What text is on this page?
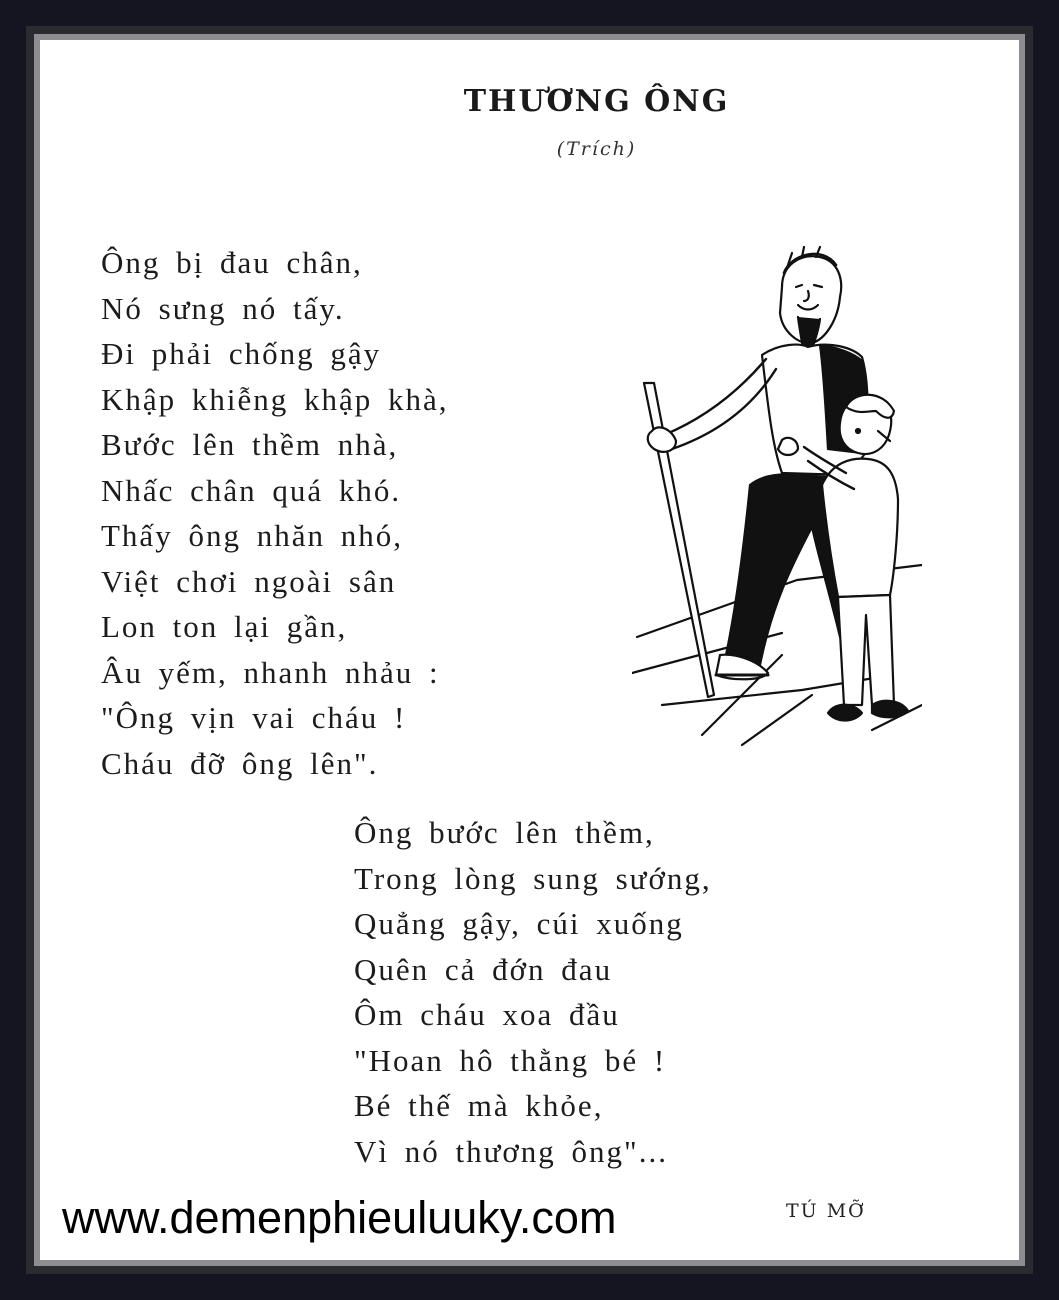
THƯƠNG ÔNG
(Trích)
Ông bị đau chân,
Nó sưng nó tấy.
Đi phải chống gậy
Khập khiễng khập khà,
Bước lên thềm nhà,
Nhấc chân quá khó.
Thấy ông nhăn nhó,
Việt chơi ngoài sân
Lon ton lại gần,
Âu yếm, nhanh nhảu :
"Ông vịn vai cháu !
Cháu đỡ ông lên".
Ông bước lên thềm,
Trong lòng sung sướng,
Quẳng gậy, cúi xuống
Quên cả đớn đau
Ôm cháu xoa đầu
"Hoan hô thằng bé !
Bé thế mà khỏe,
Vì nó thương ông"...
TÚ MỠ
www.demenphieuluuky.com
